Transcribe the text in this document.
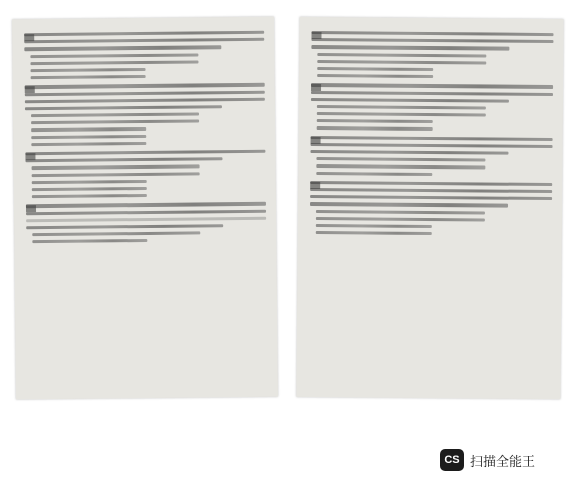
CS 扫描全能王
